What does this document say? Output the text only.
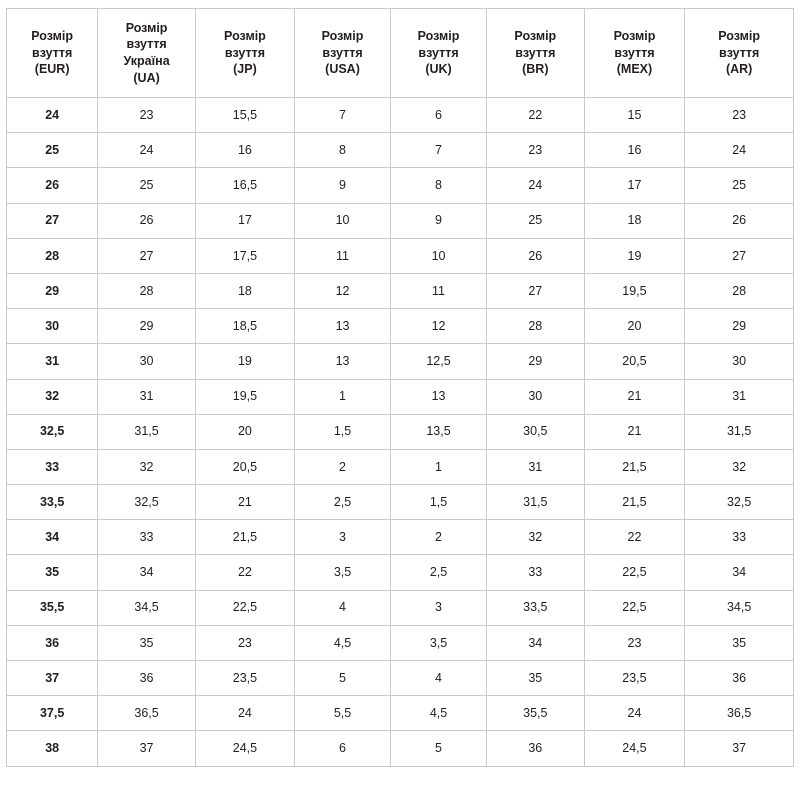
Розмір
взуття
(EUR)	Розмір
взуття
Україна
(UA)	Розмір
взуття
(JP)	Розмір
взуття
(USA)	Розмір
взуття
(UK)	Розмір
взуття
(BR)	Розмір
взуття
(MEX)	Розмір
взуття
(AR)

24	23	15,5	7	6	22	15	23
25	24	16	8	7	23	16	24
26	25	16,5	9	8	24	17	25
27	26	17	10	9	25	18	26
28	27	17,5	11	10	26	19	27
29	28	18	12	11	27	19,5	28
30	29	18,5	13	12	28	20	29
31	30	19	13	12,5	29	20,5	30
32	31	19,5	1	13	30	21	31
32,5	31,5	20	1,5	13,5	30,5	21	31,5
33	32	20,5	2	1	31	21,5	32
33,5	32,5	21	2,5	1,5	31,5	21,5	32,5
34	33	21,5	3	2	32	22	33
35	34	22	3,5	2,5	33	22,5	34
35,5	34,5	22,5	4	3	33,5	22,5	34,5
36	35	23	4,5	3,5	34	23	35
37	36	23,5	5	4	35	23,5	36
37,5	36,5	24	5,5	4,5	35,5	24	36,5
38	37	24,5	6	5	36	24,5	37
